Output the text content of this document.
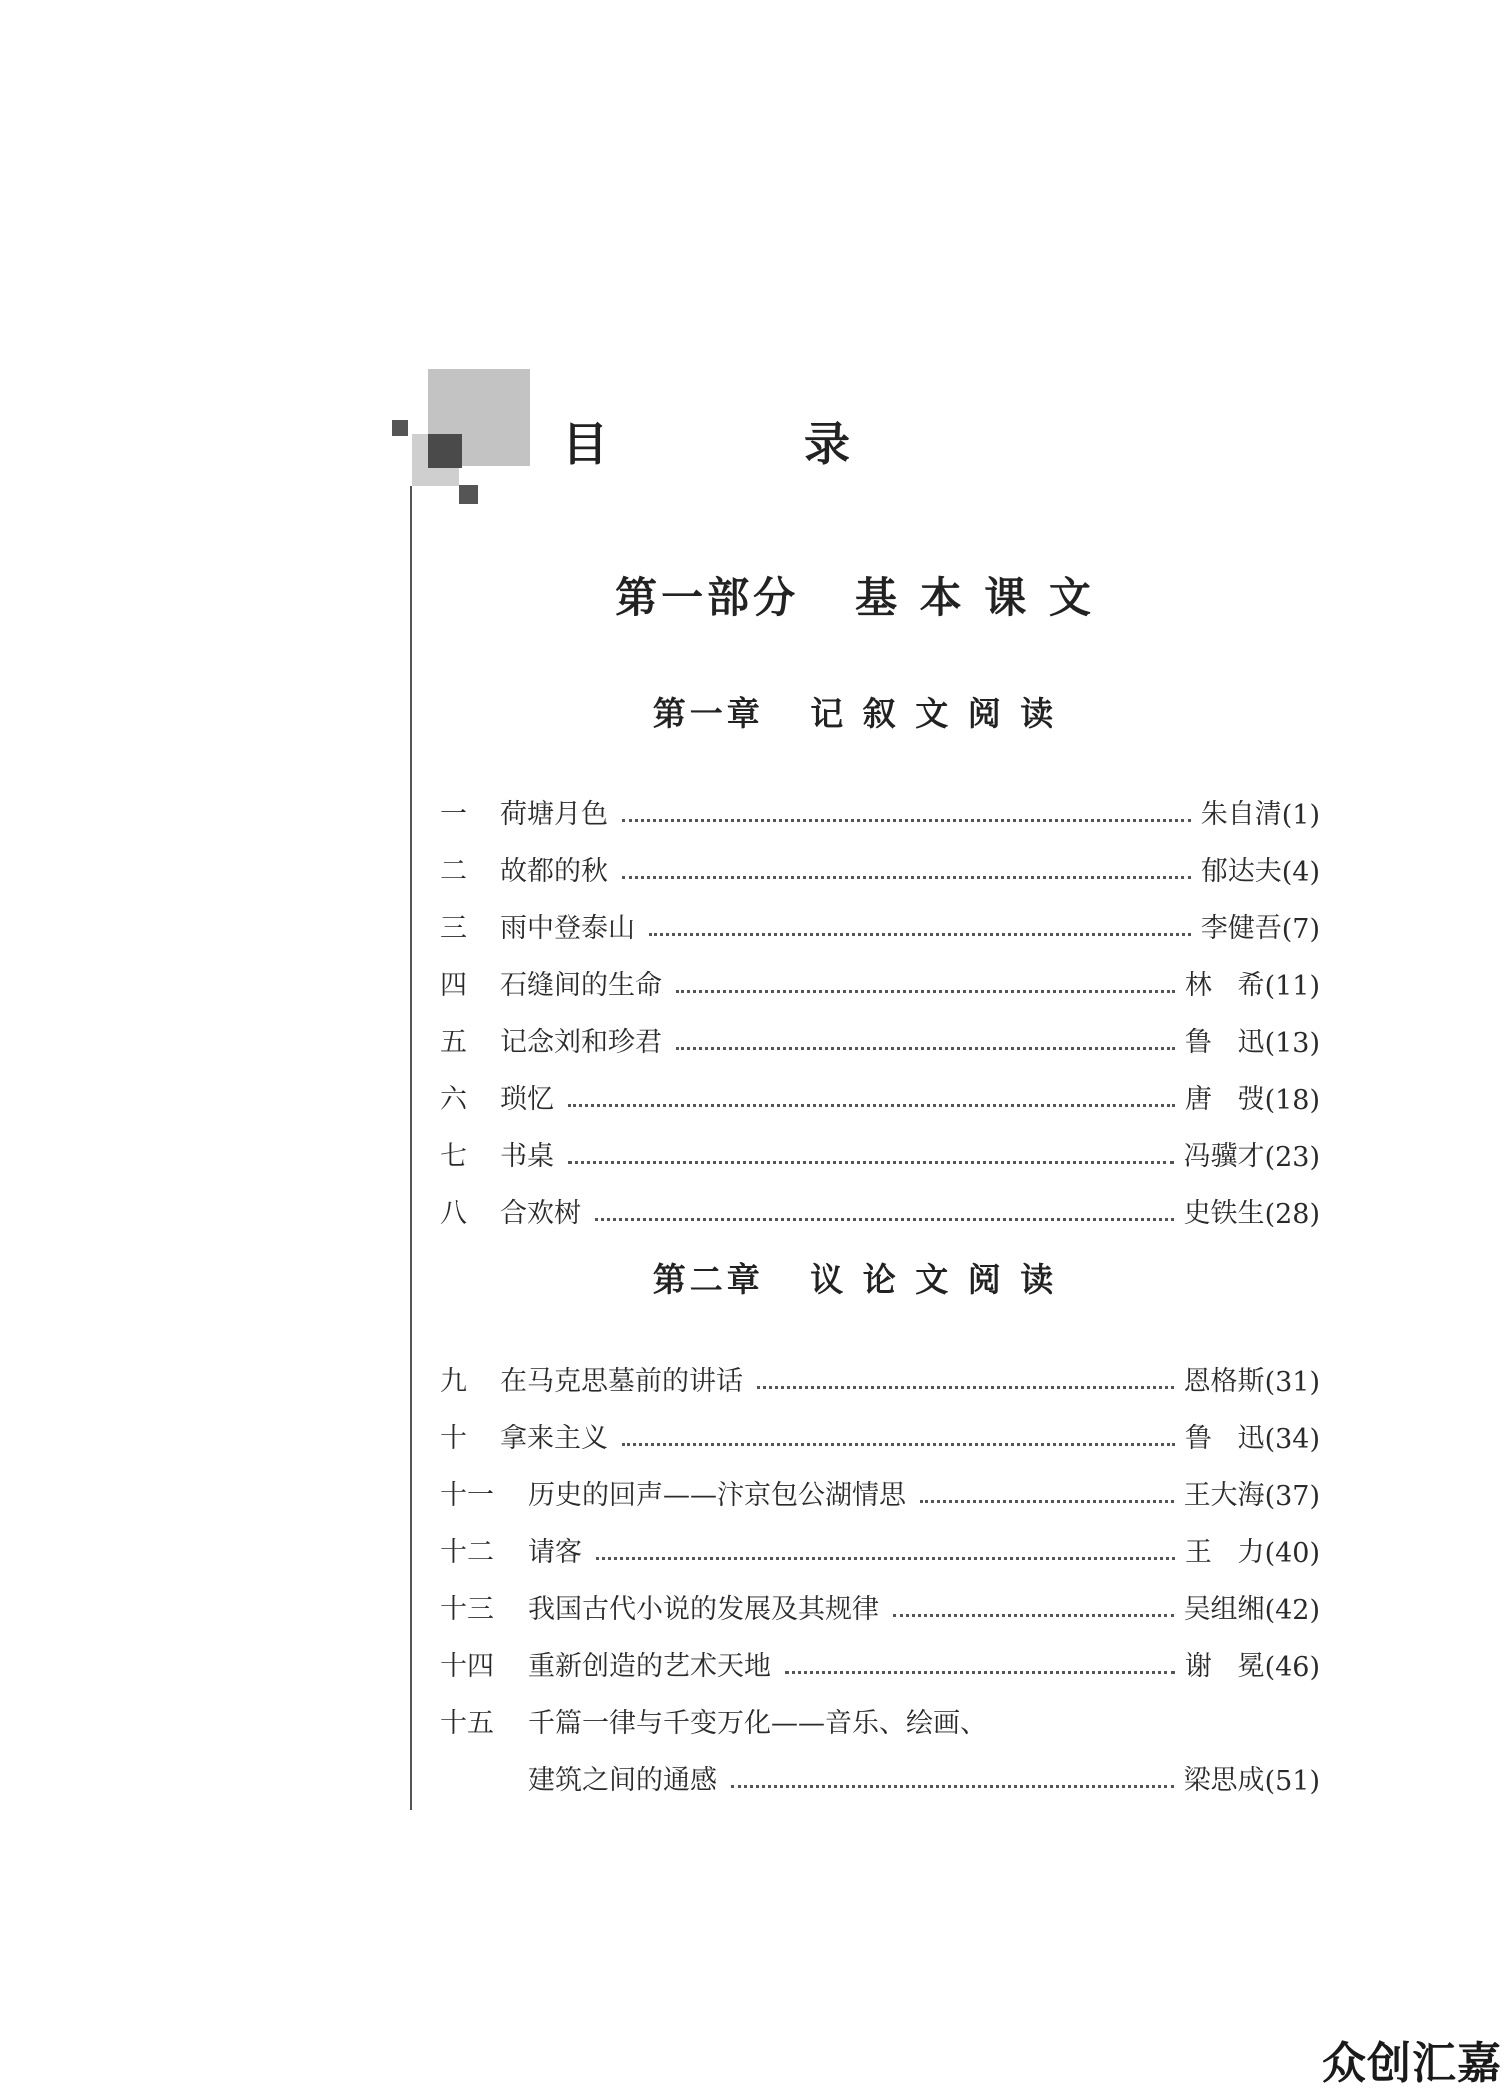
目 录
第一部分   基 本 课 文
第一章   记 叙 文 阅 读
一	荷塘月色	朱自清 (1)
二	故都的秋	郁达夫 (4)
三	雨中登泰山	李健吾 (7)
四	石缝间的生命	林   希 (11)
五	记念刘和珍君	鲁   迅 (13)
六	琐忆	唐   弢 (18)
七	书桌	冯骥才 (23)
八	合欢树	史铁生 (28)
第二章   议 论 文 阅 读
九	在马克思墓前的讲话	恩格斯 (31)
十	拿来主义	鲁   迅 (34)
十一	历史的回声——汴京包公湖情思	王大海 (37)
十二	请客	王   力 (40)
十三	我国古代小说的发展及其规律	吴组缃 (42)
十四	重新创造的艺术天地	谢   冕 (46)
十五	千篇一律与千变万化——音乐、绘画、
建筑之间的通感	梁思成 (51)
众创汇嘉
